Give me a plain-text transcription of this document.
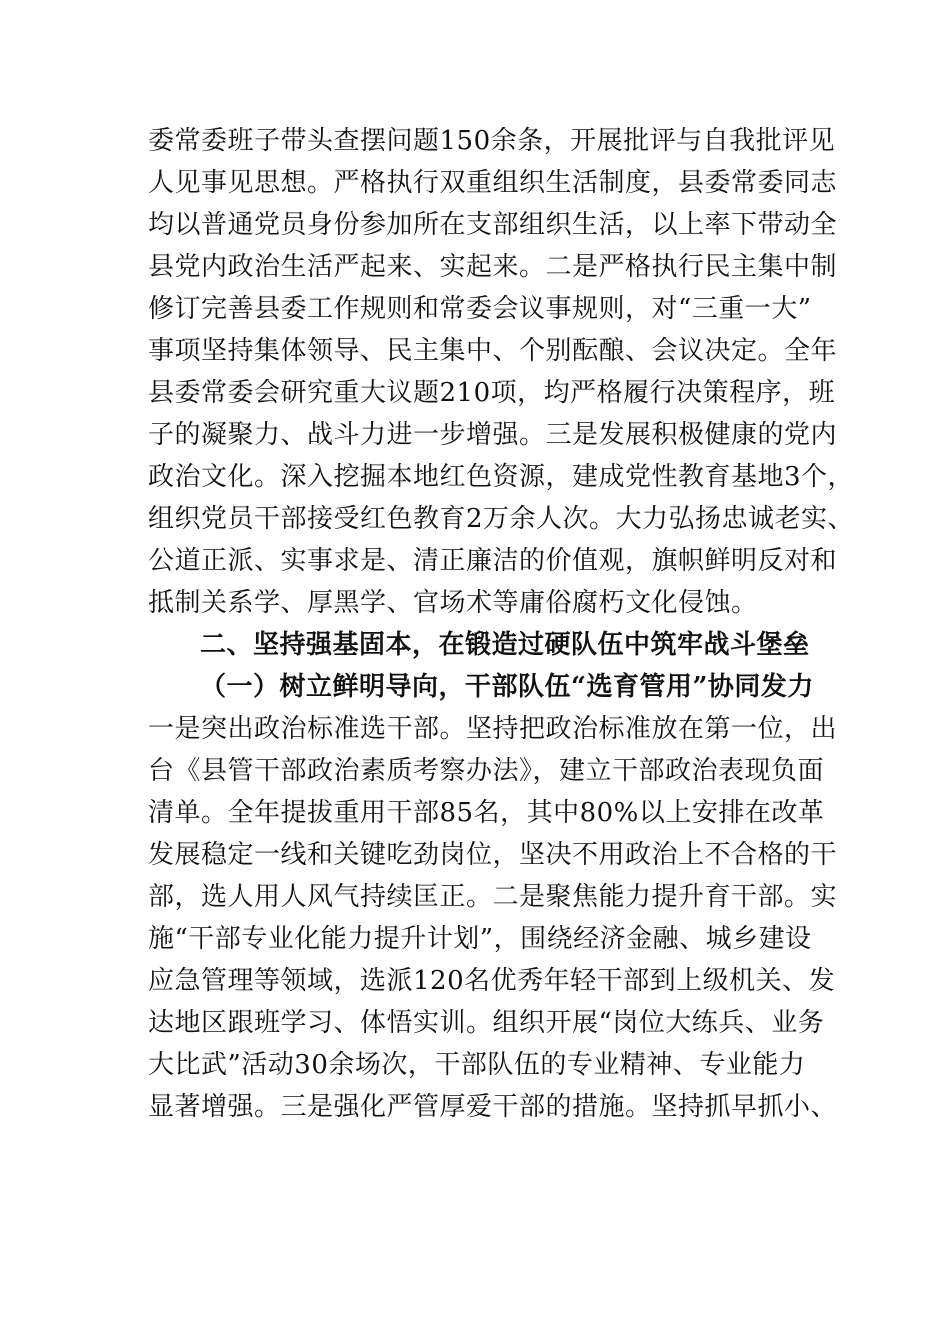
委常委班子带头查摆问题150余条，开展批评与自我批评见
人见事见思想。严格执行双重组织生活制度，县委常委同志
均以普通党员身份参加所在支部组织生活，以上率下带动全
县党内政治生活严起来、实起来。二是严格执行民主集中制
修订完善县委工作规则和常委会议事规则，对“三重一大”
事项坚持集体领导、民主集中、个别酝酿、会议决定。全年
县委常委会研究重大议题210项，均严格履行决策程序，班
子的凝聚力、战斗力进一步增强。三是发展积极健康的党内
政治文化。深入挖掘本地红色资源，建成党性教育基地3个，
组织党员干部接受红色教育2万余人次。大力弘扬忠诚老实、
公道正派、实事求是、清正廉洁的价值观，旗帜鲜明反对和
抵制关系学、厚黑学、官场术等庸俗腐朽文化侵蚀。
二、坚持强基固本，在锻造过硬队伍中筑牢战斗堡垒
（一）树立鲜明导向，干部队伍“选育管用”协同发力
一是突出政治标准选干部。坚持把政治标准放在第一位，出
台《县管干部政治素质考察办法》，建立干部政治表现负面
清单。全年提拔重用干部85名，其中80%以上安排在改革
发展稳定一线和关键吃劲岗位，坚决不用政治上不合格的干
部，选人用人风气持续匡正。二是聚焦能力提升育干部。实
施“干部专业化能力提升计划”，围绕经济金融、城乡建设
应急管理等领域，选派120名优秀年轻干部到上级机关、发
达地区跟班学习、体悟实训。组织开展“岗位大练兵、业务
大比武”活动30余场次，干部队伍的专业精神、专业能力
显著增强。三是强化严管厚爱干部的措施。坚持抓早抓小、
